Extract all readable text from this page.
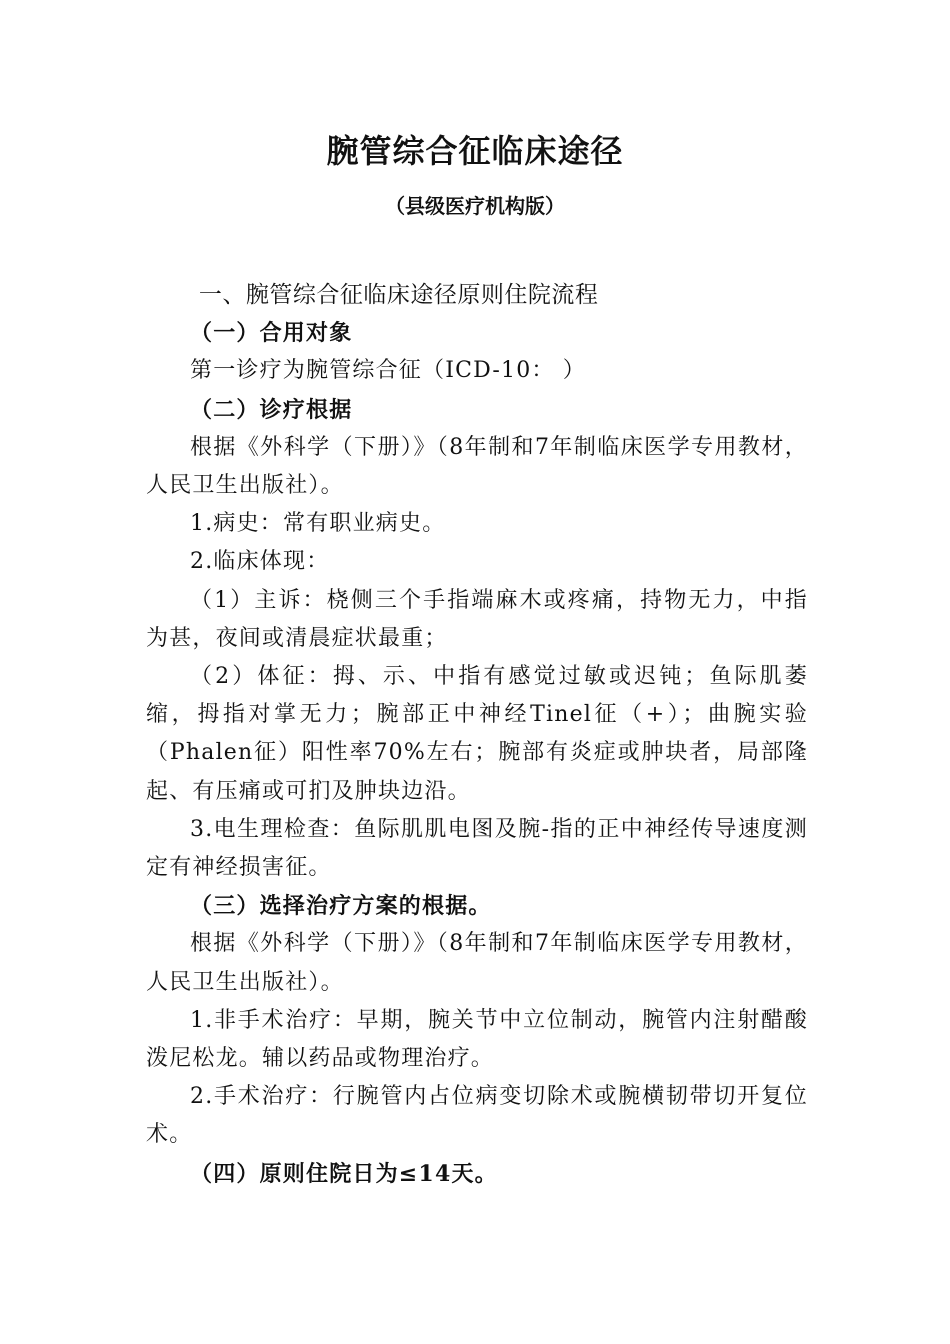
腕管综合征临床途径
（县级医疗机构版）

一、腕管综合征临床途径原则住院流程

（一）合用对象

第一诊疗为腕管综合征（ICD-10： ）

（二）诊疗根据

根据《外科学（下册）》（8年制和7年制临床医学专用教材，人民卫生出版社）。

1.病史：常有职业病史。

2.临床体现：

（1）主诉：桡侧三个手指端麻木或疼痛，持物无力，中指为甚，夜间或清晨症状最重；

（2）体征：拇、示、中指有感觉过敏或迟钝；鱼际肌萎缩，拇指对掌无力；腕部正中神经Tinel征（+）；曲腕实验（Phalen征）阳性率70%左右；腕部有炎症或肿块者，局部隆起、有压痛或可扪及肿块边沿。

3.电生理检查：鱼际肌肌电图及腕-指的正中神经传导速度测定有神经损害征。

（三）选择治疗方案的根据。

根据《外科学（下册）》（8年制和7年制临床医学专用教材，人民卫生出版社）。

1.非手术治疗：早期，腕关节中立位制动，腕管内注射醋酸泼尼松龙。辅以药品或物理治疗。

2.手术治疗：行腕管内占位病变切除术或腕横韧带切开复位术。

（四）原则住院日为≤14天。
